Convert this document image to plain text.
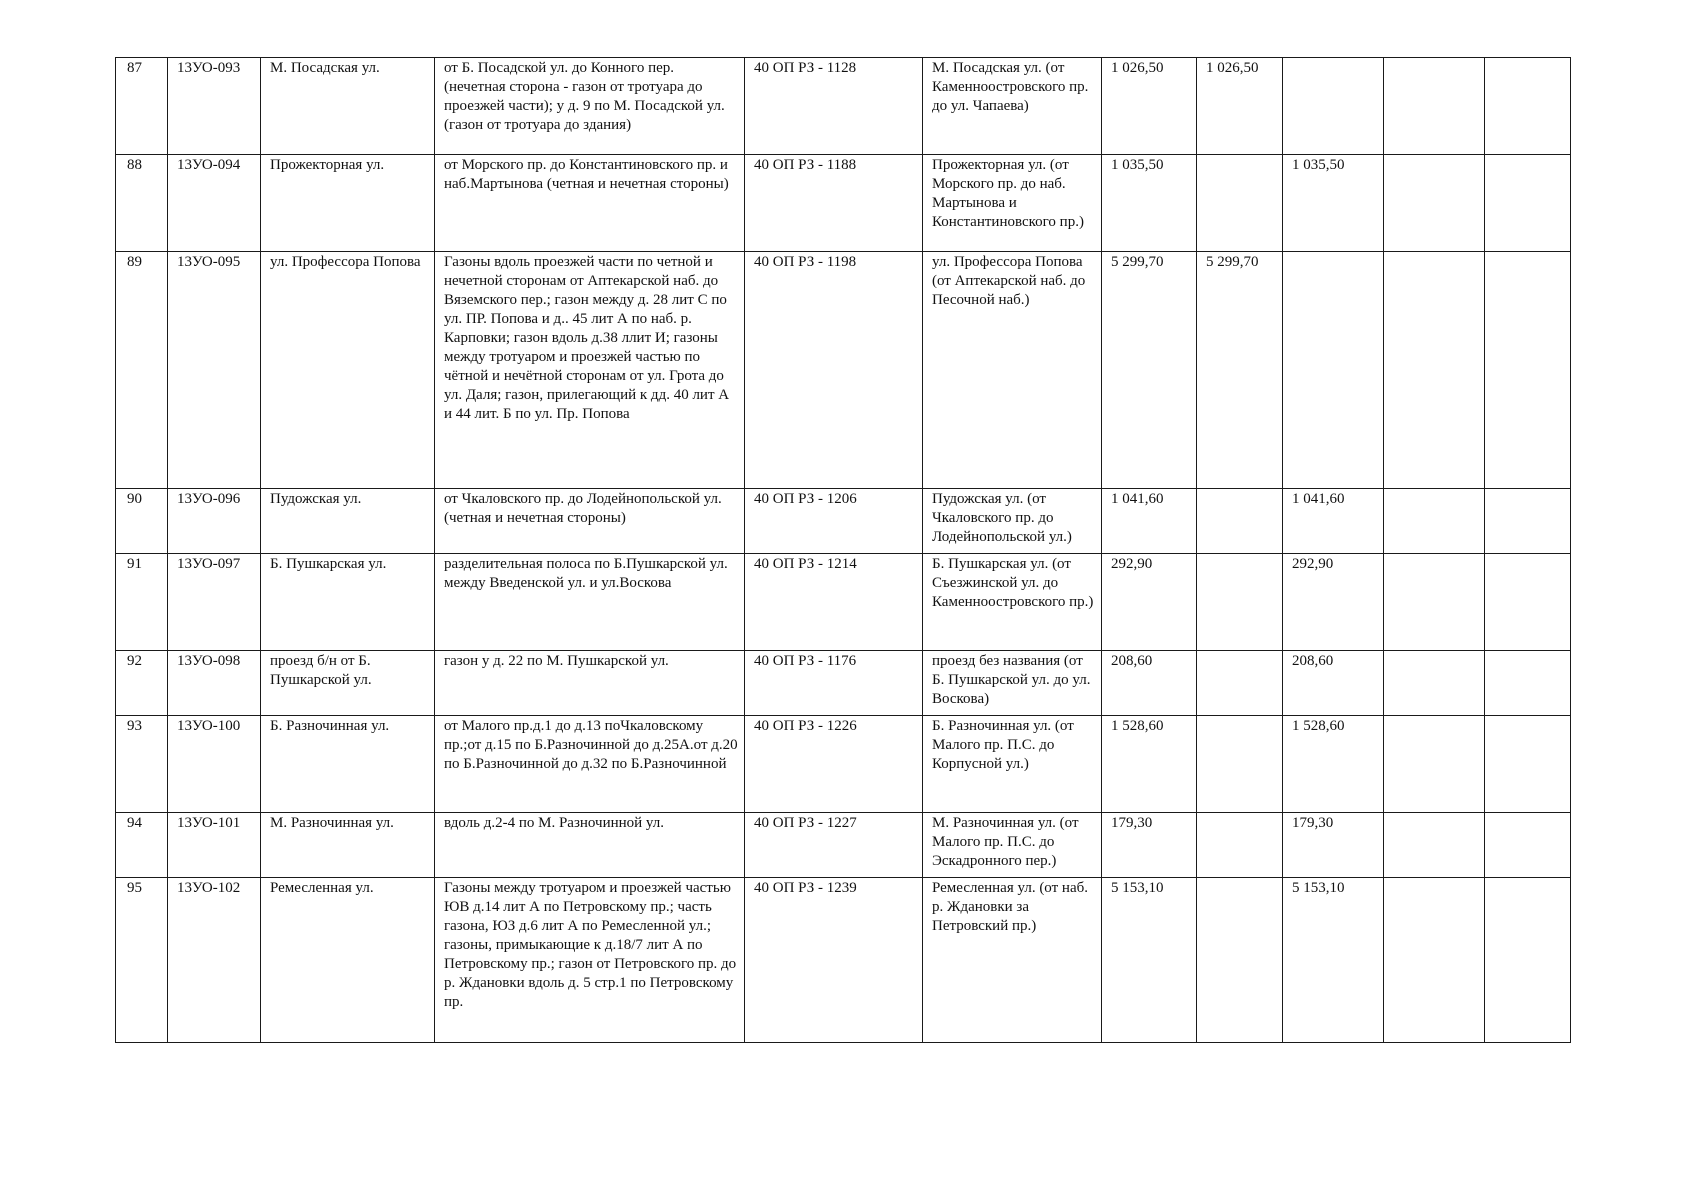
87	13УО-093	М. Посадская ул.	от Б. Посадской ул. до Конного пер. (нечетная сторона - газон от тротуара до проезжей части); у д. 9 по М. Посадской ул. (газон от тротуара до здания)	40 ОП РЗ - 1128	М. Посадская ул. (от Каменноостровского пр. до ул. Чапаева)	1 026,50	1 026,50			
88	13УО-094	Прожекторная ул.	от Морского пр. до Константиновского пр. и наб.Мартынова (четная и нечетная стороны)	40 ОП РЗ - 1188	Прожекторная ул. (от Морского пр. до наб. Мартынова и Константиновского пр.)	1 035,50		1 035,50		
89	13УО-095	ул. Профессора Попова	Газоны вдоль проезжей части по четной и нечетной сторонам от Аптекарской наб. до Вяземского пер.; газон между д. 28 лит С по ул. ПР. Попова и д.. 45 лит А по наб. р. Карповки; газон вдоль д.38 ллит И; газоны между тротуаром и проезжей частью по чётной и нечётной сторонам от ул. Грота до ул. Даля; газон, прилегающий к дд. 40 лит А и 44 лит. Б по ул. Пр. Попова	40 ОП РЗ - 1198	ул. Профессора Попова (от Аптекарской наб. до Песочной наб.)	5 299,70	5 299,70			
90	13УО-096	Пудожская ул.	от Чкаловского пр. до Лодейнопольской ул. (четная и нечетная стороны)	40 ОП РЗ - 1206	Пудожская ул. (от Чкаловского пр. до Лодейнопольской ул.)	1 041,60		1 041,60		
91	13УО-097	Б. Пушкарская ул.	разделительная полоса по Б.Пушкарской ул. между Введенской ул. и ул.Воскова	40 ОП РЗ - 1214	Б. Пушкарская ул. (от Съезжинской ул. до Каменноостровского пр.)	292,90		292,90		
92	13УО-098	проезд б/н от Б. Пушкарской ул.	газон у д. 22 по М. Пушкарской ул.	40 ОП РЗ - 1176	проезд без названия (от Б. Пушкарской ул. до ул. Воскова)	208,60		208,60		
93	13УО-100	Б. Разночинная ул.	от Малого пр.д.1 до д.13 поЧкаловскому пр.;от д.15 по Б.Разночинной до д.25А.от д.20 по Б.Разночинной до д.32 по Б.Разночинной	40 ОП РЗ - 1226	Б. Разночинная ул. (от Малого пр. П.С. до Корпусной ул.)	1 528,60		1 528,60		
94	13УО-101	М. Разночинная ул.	вдоль д.2-4 по М. Разночинной ул.	40 ОП РЗ - 1227	М. Разночинная ул. (от Малого пр. П.С. до Эскадронного пер.)	179,30		179,30		
95	13УО-102	Ремесленная ул.	Газоны между тротуаром и проезжей частью ЮВ д.14 лит А по Петровскому пр.; часть газона, ЮЗ д.6 лит А по Ремесленной ул.; газоны, примыкающие к д.18/7 лит А по Петровскому пр.; газон от Петровского пр. до р. Ждановки вдоль д. 5 стр.1 по Петровскому пр.	40 ОП РЗ - 1239	Ремесленная ул. (от наб. р. Ждановки за Петровский пр.)	5 153,10		5 153,10		
